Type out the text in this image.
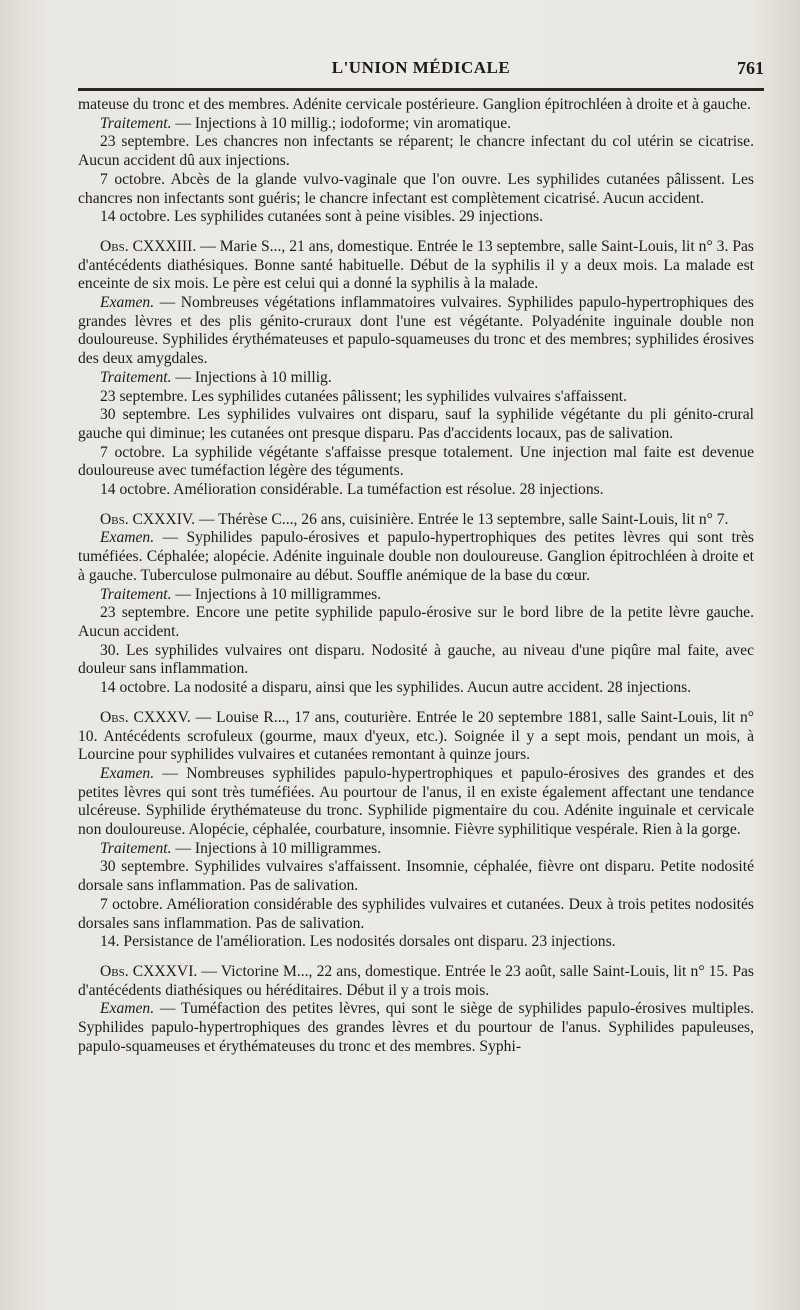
L'UNION MÉDICALE	761

mateuse du tronc et des membres. Adénite cervicale postérieure. Ganglion épitrochléen à droite et à gauche.

Traitement. — Injections à 10 millig.; iodoforme; vin aromatique.

23 septembre. Les chancres non infectants se réparent; le chancre infectant du col utérin se cicatrise. Aucun accident dû aux injections.

7 octobre. Abcès de la glande vulvo-vaginale que l'on ouvre. Les syphilides cutanées pâlissent. Les chancres non infectants sont guéris; le chancre infectant est complètement cicatrisé. Aucun accident.

14 octobre. Les syphilides cutanées sont à peine visibles. 29 injections.

Obs. CXXXIII. — Marie S..., 21 ans, domestique. Entrée le 13 septembre, salle Saint-Louis, lit n° 3. Pas d'antécédents diathésiques. Bonne santé habituelle. Début de la syphilis il y a deux mois. La malade est enceinte de six mois. Le père est celui qui a donné la syphilis à la malade.

Examen. — Nombreuses végétations inflammatoires vulvaires. Syphilides papulo-hypertrophiques des grandes lèvres et des plis génito-cruraux dont l'une est végétante. Polyadénite inguinale double non douloureuse. Syphilides érythémateuses et papulo-squameuses du tronc et des membres; syphilides érosives des deux amygdales.

Traitement. — Injections à 10 millig.

23 septembre. Les syphilides cutanées pâlissent; les syphilides vulvaires s'affaissent.

30 septembre. Les syphilides vulvaires ont disparu, sauf la syphilide végétante du pli génito-crural gauche qui diminue; les cutanées ont presque disparu. Pas d'accidents locaux, pas de salivation.

7 octobre. La syphilide végétante s'affaisse presque totalement. Une injection mal faite est devenue douloureuse avec tuméfaction légère des téguments.

14 octobre. Amélioration considérable. La tuméfaction est résolue. 28 injections.

Obs. CXXXIV. — Thérèse C..., 26 ans, cuisinière. Entrée le 13 septembre, salle Saint-Louis, lit n° 7.

Examen. — Syphilides papulo-érosives et papulo-hypertrophiques des petites lèvres qui sont très tuméfiées. Céphalée; alopécie. Adénite inguinale double non douloureuse. Ganglion épitrochléen à droite et à gauche. Tuberculose pulmonaire au début. Souffle anémique de la base du cœur.

Traitement. — Injections à 10 milligrammes.

23 septembre. Encore une petite syphilide papulo-érosive sur le bord libre de la petite lèvre gauche. Aucun accident.

30. Les syphilides vulvaires ont disparu. Nodosité à gauche, au niveau d'une piqûre mal faite, avec douleur sans inflammation.

14 octobre. La nodosité a disparu, ainsi que les syphilides. Aucun autre accident. 28 injections.

Obs. CXXXV. — Louise R..., 17 ans, couturière. Entrée le 20 septembre 1881, salle Saint-Louis, lit n° 10. Antécédents scrofuleux (gourme, maux d'yeux, etc.). Soignée il y a sept mois, pendant un mois, à Lourcine pour syphilides vulvaires et cutanées remontant à quinze jours.

Examen. — Nombreuses syphilides papulo-hypertrophiques et papulo-érosives des grandes et des petites lèvres qui sont très tuméfiées. Au pourtour de l'anus, il en existe également affectant une tendance ulcéreuse. Syphilide érythémateuse du tronc. Syphilide pigmentaire du cou. Adénite inguinale et cervicale non douloureuse. Alopécie, céphalée, courbature, insomnie. Fièvre syphilitique vespérale. Rien à la gorge.

Traitement. — Injections à 10 milligrammes.

30 septembre. Syphilides vulvaires s'affaissent. Insomnie, céphalée, fièvre ont disparu. Petite nodosité dorsale sans inflammation. Pas de salivation.

7 octobre. Amélioration considérable des syphilides vulvaires et cutanées. Deux à trois petites nodosités dorsales sans inflammation. Pas de salivation.

14. Persistance de l'amélioration. Les nodosités dorsales ont disparu. 23 injections.

Obs. CXXXVI. — Victorine M..., 22 ans, domestique. Entrée le 23 août, salle Saint-Louis, lit n° 15. Pas d'antécédents diathésiques ou héréditaires. Début il y a trois mois.

Examen. — Tuméfaction des petites lèvres, qui sont le siège de syphilides papulo-érosives multiples. Syphilides papulo-hypertrophiques des grandes lèvres et du pourtour de l'anus. Syphilides papuleuses, papulo-squameuses et érythémateuses du tronc et des membres. Syphi-
